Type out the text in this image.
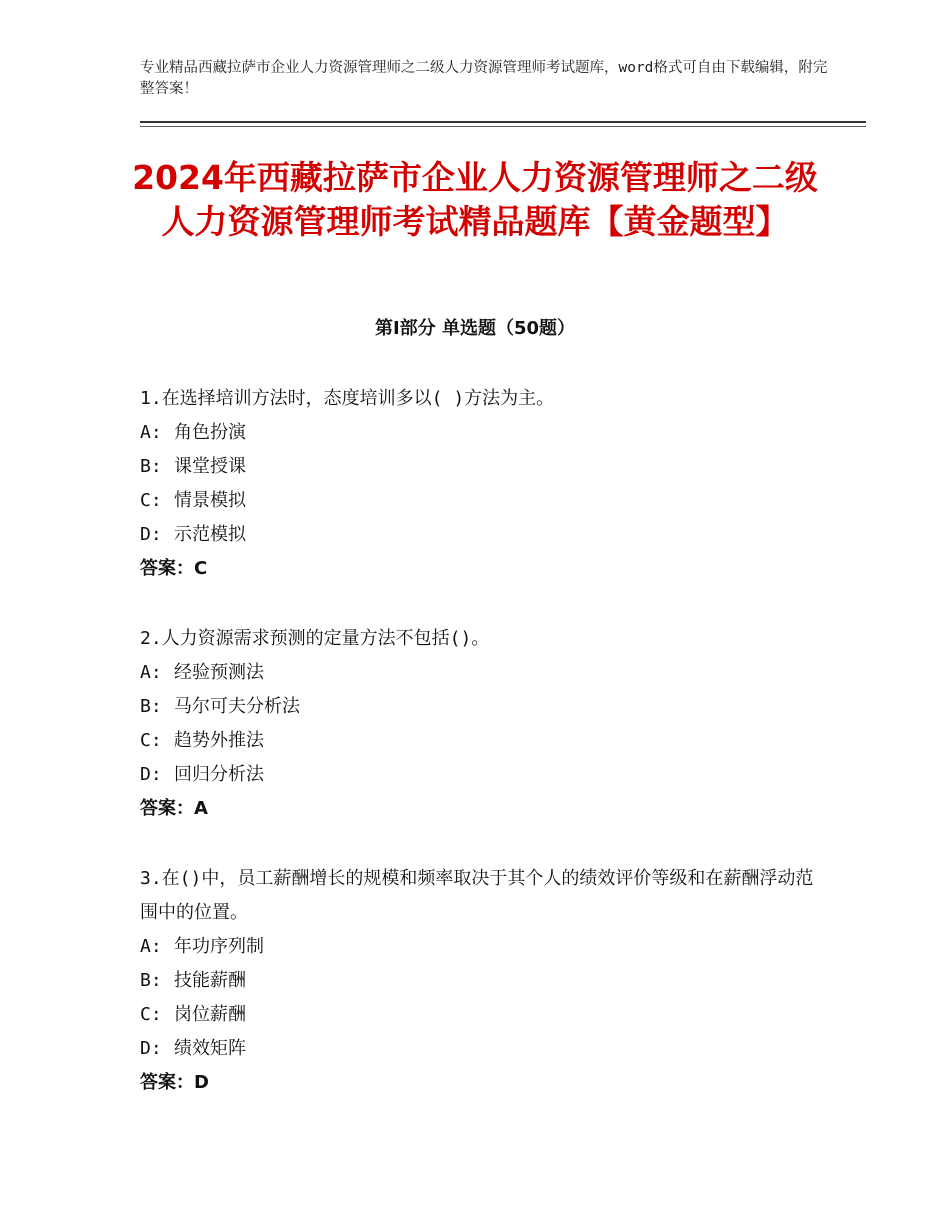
专业精品西藏拉萨市企业人力资源管理师之二级人力资源管理师考试题库，word格式可自由下载编辑，附完整答案！

2024年西藏拉萨市企业人力资源管理师之二级人力资源管理师考试精品题库【黄金题型】
第Ⅰ部分 单选题（50题）

1.在选择培训方法时，态度培训多以( )方法为主。

A: 角色扮演

B: 课堂授课

C: 情景模拟

D: 示范模拟

答案：C

2.人力资源需求预测的定量方法不包括()。

A: 经验预测法

B: 马尔可夫分析法

C: 趋势外推法

D: 回归分析法

答案：A

3.在()中，员工薪酬增长的规模和频率取决于其个人的绩效评价等级和在薪酬浮动范围中的位置。

A: 年功序列制

B: 技能薪酬

C: 岗位薪酬

D: 绩效矩阵

答案：D
